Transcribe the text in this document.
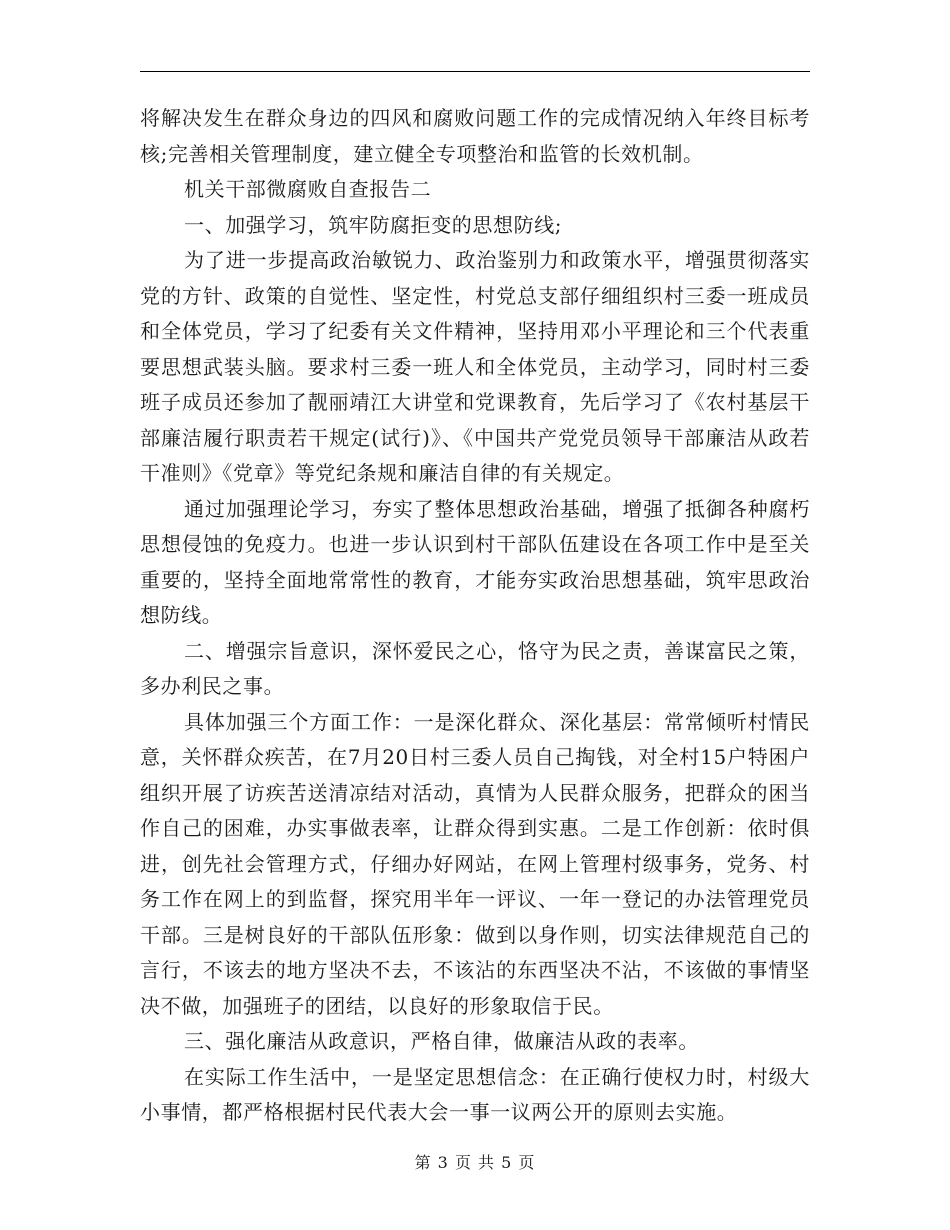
将解决发生在群众身边的四风和腐败问题工作的完成情况纳入年终目标考核;完善相关管理制度，建立健全专项整治和监管的长效机制。

机关干部微腐败自查报告二

一、加强学习，筑牢防腐拒变的思想防线;

为了进一步提高政治敏锐力、政治鉴别力和政策水平，增强贯彻落实党的方针、政策的自觉性、坚定性，村党总支部仔细组织村三委一班成员和全体党员，学习了纪委有关文件精神，坚持用邓小平理论和三个代表重要思想武装头脑。要求村三委一班人和全体党员，主动学习，同时村三委班子成员还参加了靓丽靖江大讲堂和党课教育，先后学习了《农村基层干部廉洁履行职责若干规定(试行)》、《中国共产党党员领导干部廉洁从政若干准则》《党章》等党纪条规和廉洁自律的有关规定。

通过加强理论学习，夯实了整体思想政治基础，增强了抵御各种腐朽思想侵蚀的免疫力。也进一步认识到村干部队伍建设在各项工作中是至关重要的，坚持全面地常常性的教育，才能夯实政治思想基础，筑牢思政治想防线。

二、增强宗旨意识，深怀爱民之心，恪守为民之责，善谋富民之策，多办利民之事。

具体加强三个方面工作：一是深化群众、深化基层：常常倾听村情民意，关怀群众疾苦，在7月20日村三委人员自己掏钱，对全村15户特困户组织开展了访疾苦送清凉结对活动，真情为人民群众服务，把群众的困当作自己的困难，办实事做表率，让群众得到实惠。二是工作创新：依时俱进，创先社会管理方式，仔细办好网站，在网上管理村级事务，党务、村务工作在网上的到监督，探究用半年一评议、一年一登记的办法管理党员干部。三是树良好的干部队伍形象：做到以身作则，切实法律规范自己的言行，不该去的地方坚决不去，不该沾的东西坚决不沾，不该做的事情坚决不做，加强班子的团结，以良好的形象取信于民。

三、强化廉洁从政意识，严格自律，做廉洁从政的表率。

在实际工作生活中，一是坚定思想信念：在正确行使权力时，村级大小事情，都严格根据村民代表大会一事一议两公开的原则去实施。

第 3 页 共 5 页
